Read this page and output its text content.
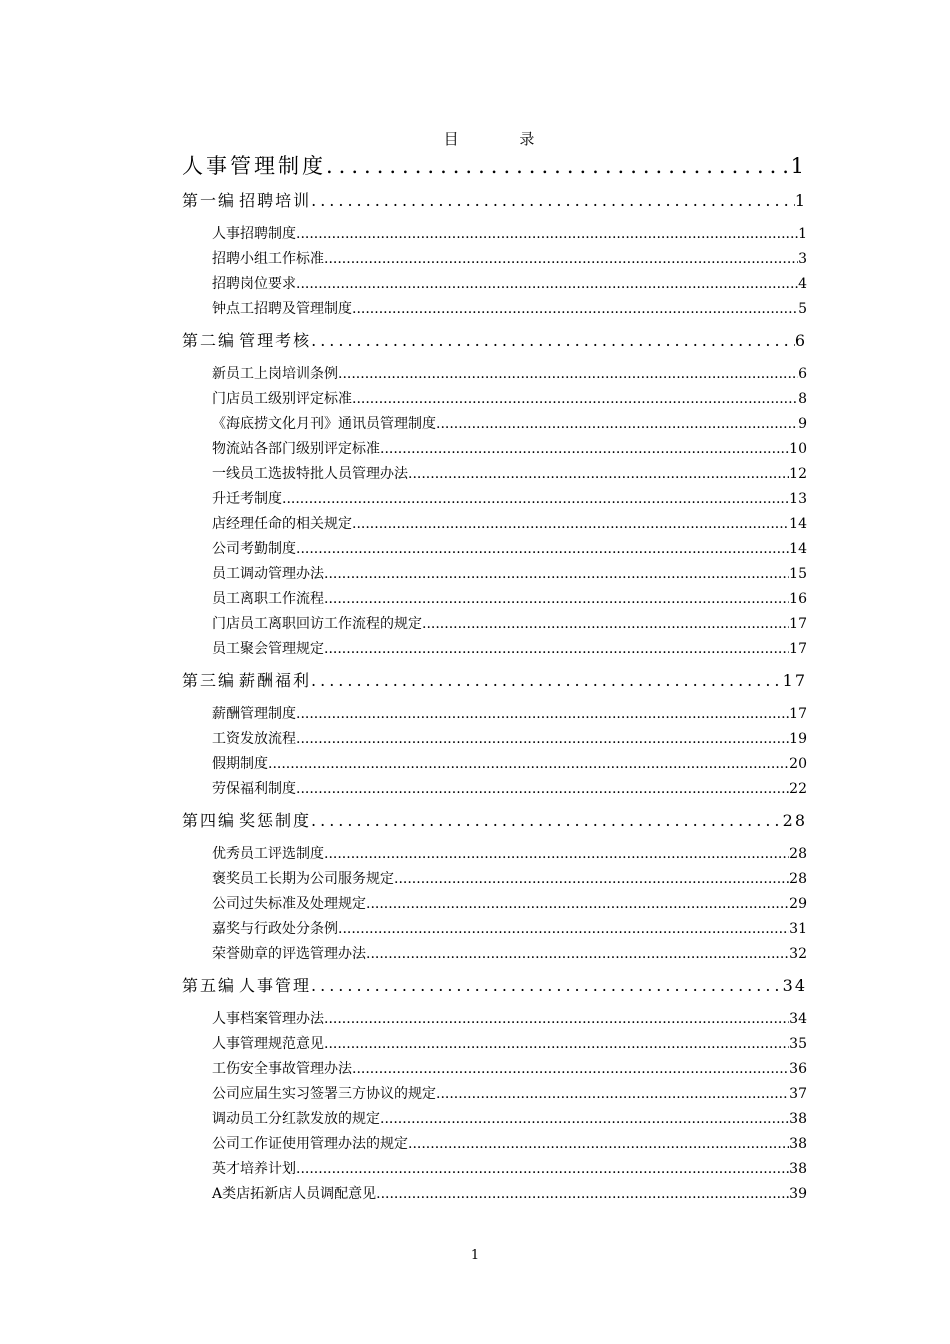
目 录
人事管理制度 .....	1
第一编 招聘培训 .....	1
人事招聘制度 .....	1
招聘小组工作标准 .....	3
招聘岗位要求 .....	4
钟点工招聘及管理制度 .....	5
第二编 管理考核 .....	6
新员工上岗培训条例 .....	6
门店员工级别评定标准 .....	8
《海底捞文化月刊》通讯员管理制度 .....	9
物流站各部门级别评定标准 .....	10
一线员工选拔特批人员管理办法 .....	12
升迁考制度 .....	13
店经理任命的相关规定 .....	14
公司考勤制度 .....	14
员工调动管理办法 .....	15
员工离职工作流程 .....	16
门店员工离职回访工作流程的规定 .....	17
员工聚会管理规定 .....	17
第三编 薪酬福利 .....	17
薪酬管理制度 .....	17
工资发放流程 .....	19
假期制度 .....	20
劳保福利制度 .....	22
第四编 奖惩制度 .....	28
优秀员工评选制度 .....	28
褒奖员工长期为公司服务规定 .....	28
公司过失标准及处理规定 .....	29
嘉奖与行政处分条例 .....	31
荣誉勋章的评选管理办法 .....	32
第五编 人事管理 .....	34
人事档案管理办法 .....	34
人事管理规范意见 .....	35
工伤安全事故管理办法 .....	36
公司应届生实习签署三方协议的规定 .....	37
调动员工分红款发放的规定 .....	38
公司工作证使用管理办法的规定 .....	38
英才培养计划 .....	38
A类店拓新店人员调配意见 .....	39
1
